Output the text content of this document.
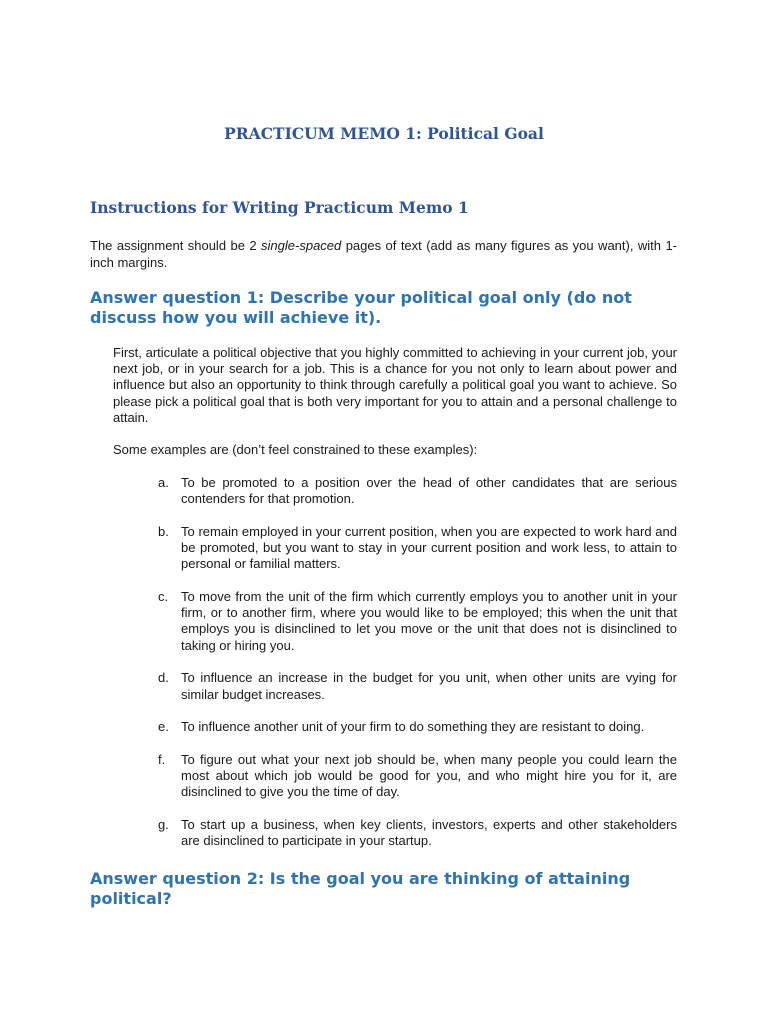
PRACTICUM MEMO 1: Political Goal
Instructions for Writing Practicum Memo 1

The assignment should be 2 single-spaced pages of text (add as many figures as you want), with 1-inch margins.

Answer question 1: Describe your political goal only (do not discuss how you will achieve it).

First, articulate a political objective that you highly committed to achieving in your current job, your next job, or in your search for a job. This is a chance for you not only to learn about power and influence but also an opportunity to think through carefully a political goal you want to achieve. So please pick a political goal that is both very important for you to attain and a personal challenge to attain.

Some examples are (don’t feel constrained to these examples):

a. To be promoted to a position over the head of other candidates that are serious contenders for that promotion.
b. To remain employed in your current position, when you are expected to work hard and be promoted, but you want to stay in your current position and work less, to attain to personal or familial matters.
c. To move from the unit of the firm which currently employs you to another unit in your firm, or to another firm, where you would like to be employed; this when the unit that employs you is disinclined to let you move or the unit that does not is disinclined to taking or hiring you.
d. To influence an increase in the budget for you unit, when other units are vying for similar budget increases.
e. To influence another unit of your firm to do something they are resistant to doing.
f. To figure out what your next job should be, when many people you could learn the most about which job would be good for you, and who might hire you for it, are disinclined to give you the time of day.
g. To start up a business, when key clients, investors, experts and other stakeholders are disinclined to participate in your startup.

Answer question 2: Is the goal you are thinking of attaining political?
